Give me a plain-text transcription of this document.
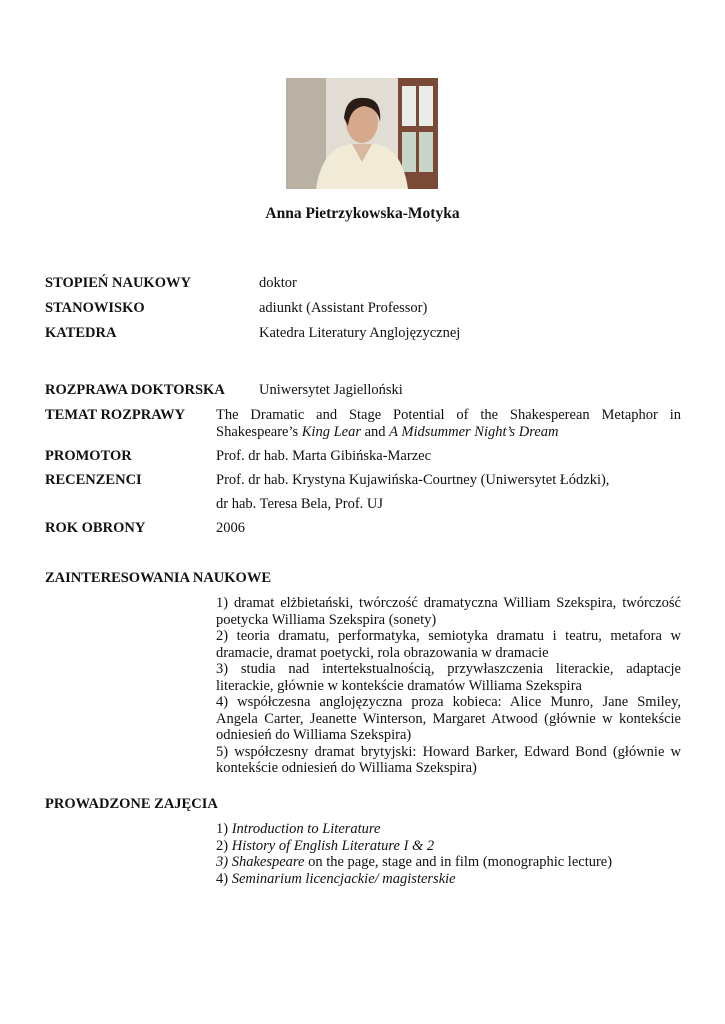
Anna Pietrzykowska-Motyka
STOPIEŃ NAUKOWY	doktor
STANOWISKO	adiunkt (Assistant Professor)
KATEDRA	Katedra Literatury Anglojęzycznej
ROZPRAWA DOKTORSKA Uniwersytet Jagielloński
TEMAT ROZPRAWY The Dramatic and Stage Potential of the Shakesperean Metaphor in Shakespeare’s King Lear and A Midsummer Night’s Dream
PROMOTOR	Prof. dr hab. Marta Gibińska-Marzec
RECENZENCI	Prof. dr hab. Krystyna Kujawińska-Courtney (Uniwersytet Łódzki),
dr hab. Teresa Bela, Prof. UJ
ROK OBRONY	2006
ZAINTERESOWANIA NAUKOWE
1) dramat elżbietański, twórczość dramatyczna William Szekspira, twórczość poetycka Williama Szekspira (sonety)
2) teoria dramatu, performatyka, semiotyka dramatu i teatru, metafora w dramacie, dramat poetycki, rola obrazowania w dramacie
3) studia nad intertekstualnością, przywłaszczenia literackie, adaptacje literackie, głównie w kontekście dramatów Williama Szekspira
4) współczesna anglojęzyczna proza kobieca: Alice Munro, Jane Smiley, Angela Carter, Jeanette Winterson, Margaret Atwood (głównie w kontekście odniesień do Williama Szekspira)
5) współczesny dramat brytyjski: Howard Barker, Edward Bond (głównie w kontekście odniesień do Williama Szekspira)
PROWADZONE ZAJĘCIA
1) Introduction to Literature
2) History of English Literature I & 2
3) Shakespeare on the page, stage and in film (monographic lecture)
4) Seminarium licencjackie/ magisterskie
